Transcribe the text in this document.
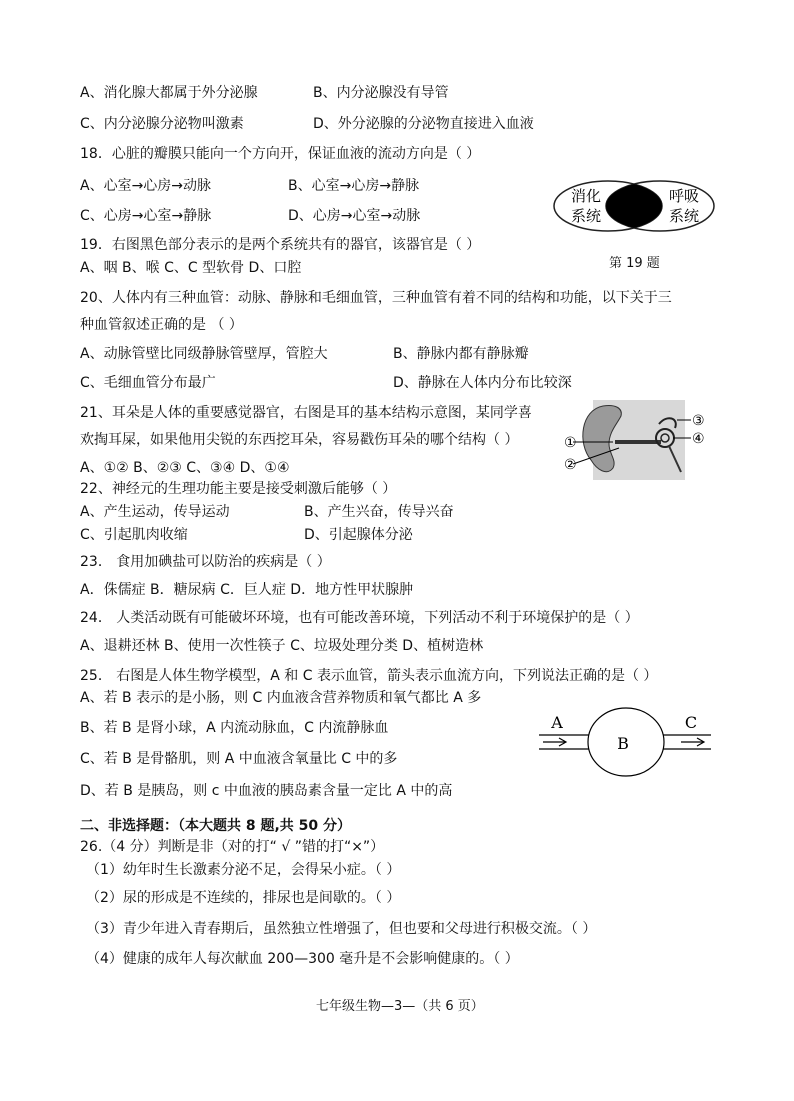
A、消化腺大都属于外分泌腺	B、内分泌腺没有导管
C、内分泌腺分泌物叫激素	D、外分泌腺的分泌物直接进入血液
18．心脏的瓣膜只能向一个方向开，保证血液的流动方向是（ ）
A、心室→心房→动脉	B、心室→心房→静脉
C、心房→心室→静脉	D、心房→心室→动脉
消化
系统
呼吸
系统
第 19 题
19．右图黑色部分表示的是两个系统共有的器官，该器官是（ ）
A、咽 B、喉 C、C 型软骨 D、口腔
20、人体内有三种血管：动脉、静脉和毛细血管，三种血管有着不同的结构和功能，以下关于三
种血管叙述正确的是 （ ）
A、动脉管壁比同级静脉管壁厚，管腔大	B、静脉内都有静脉瓣
C、毛细血管分布最广	D、静脉在人体内分布比较深
21、耳朵是人体的重要感觉器官，右图是耳的基本结构示意图，某同学喜
欢掏耳屎，如果他用尖锐的东西挖耳朵，容易戳伤耳朵的哪个结构（ ）
A、①② B、②③ C、③④ D、①④
①
②
③
④
22、神经元的生理功能主要是接受刺激后能够（ ）
A、产生运动，传导运动	B、产生兴奋，传导兴奋
C、引起肌肉收缩	D、引起腺体分泌
23． 食用加碘盐可以防治的疾病是（ ）
A．侏儒症 B．糖尿病 C．巨人症 D．地方性甲状腺肿
24． 人类活动既有可能破坏环境，也有可能改善环境，下列活动不利于环境保护的是（ ）
A、退耕还林 B、使用一次性筷子 C、垃圾处理分类 D、植树造林
25． 右图是人体生物学模型，A 和 C 表示血管，箭头表示血流方向，下列说法正确的是（ ）
A、若 B 表示的是小肠，则 C 内血液含营养物质和氧气都比 A 多
B、若 B 是肾小球，A 内流动脉血，C 内流静脉血
C、若 B 是骨骼肌，则 A 中血液含氧量比 C 中的多
D、若 B 是胰岛，则 c 中血液的胰岛素含量一定比 A 中的高
A
B
C
二、非选择题：（本大题共 8 题,共 50 分）
26.（4 分）判断是非（对的打“ √ ”错的打“×”）
（1）幼年时生长激素分泌不足，会得呆小症。（ ）
（2）尿的形成是不连续的，排尿也是间歇的。（ ）
（3）青少年进入青春期后，虽然独立性增强了，但也要和父母进行积极交流。（ ）
（4）健康的成年人每次献血 200—300 毫升是不会影响健康的。（ ）
七年级生物—3—（共 6 页）
